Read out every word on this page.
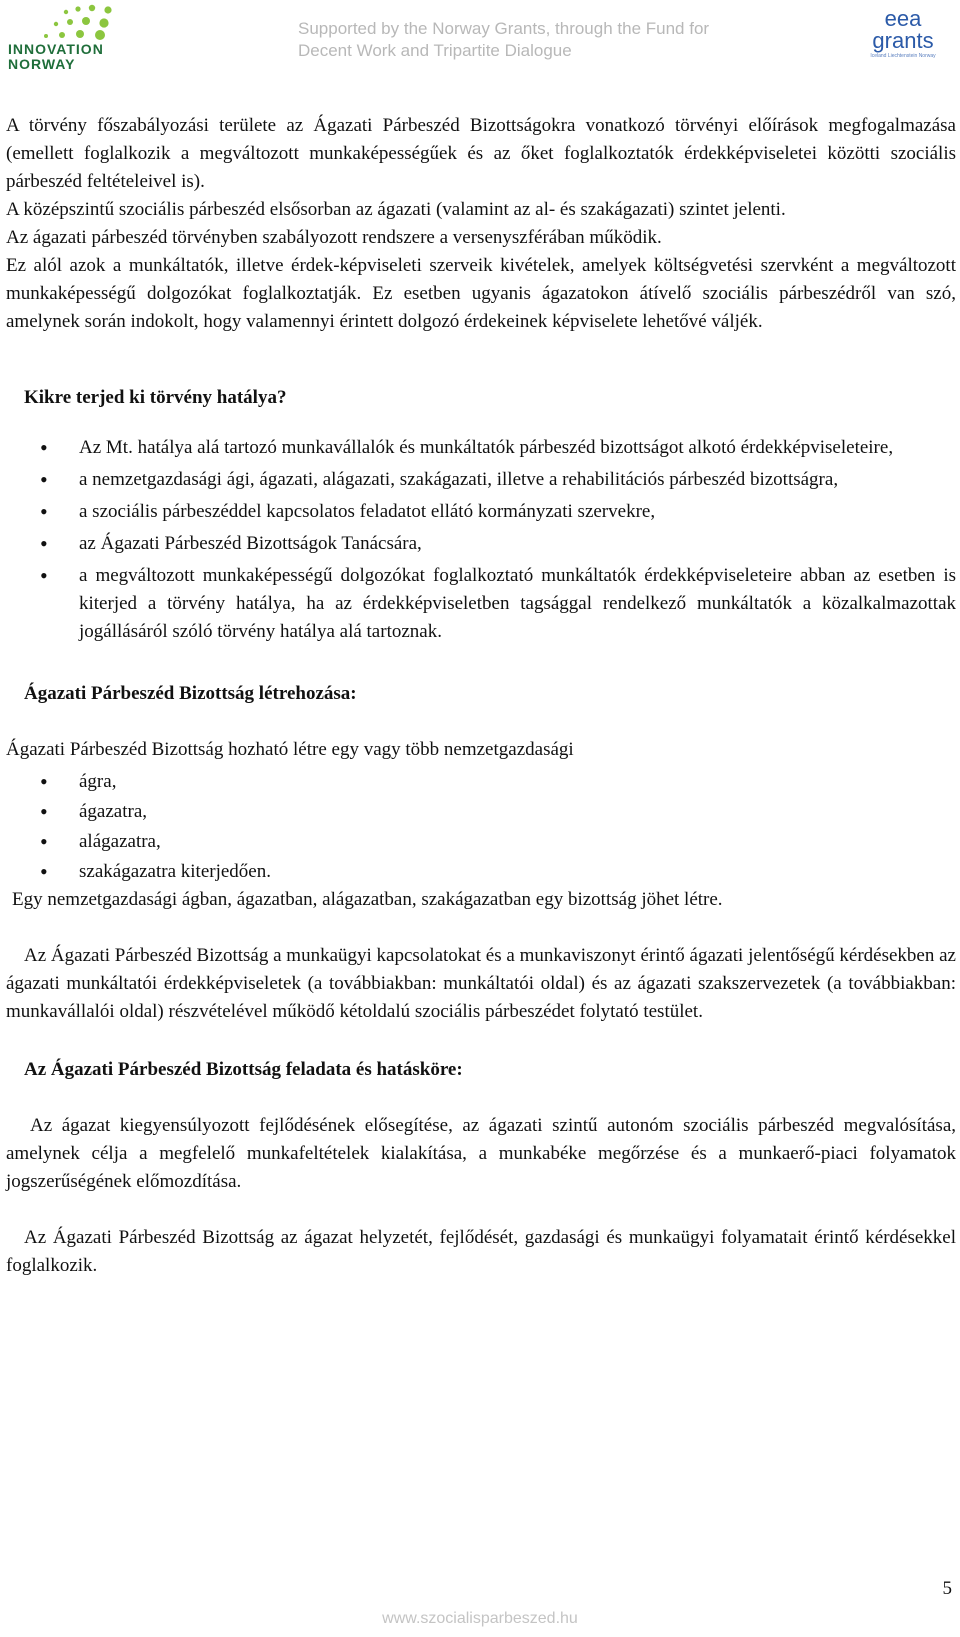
INNOVATION NORWAY
Supported by the Norway Grants, through the Fund for
Decent Work and Tripartite Dialogue
eea
grants
Iceland Liechtenstein Norway

A törvény főszabályozási területe az Ágazati Párbeszéd Bizottságokra vonatkozó törvényi előírások megfogalmazása (emellett foglalkozik a megváltozott munkaképességűek és az őket foglalkoztatók érdekképviseletei közötti szociális párbeszéd feltételeivel is).

A középszintű szociális párbeszéd elsősorban az ágazati (valamint az al- és szakágazati) szintet jelenti.

Az ágazati párbeszéd törvényben szabályozott rendszere a versenyszférában működik.

Ez alól azok a munkáltatók, illetve érdek-képviseleti szerveik kivételek, amelyek költségvetési szervként a megváltozott munkaképességű dolgozókat foglalkoztatják. Ez esetben ugyanis ágazatokon átívelő szociális párbeszédről van szó, amelynek során indokolt, hogy valamennyi érintett dolgozó érdekeinek képviselete lehetővé váljék.

Kikre terjed ki törvény hatálya?

• Az Mt. hatálya alá tartozó munkavállalók és munkáltatók párbeszéd bizottságot alkotó érdekképviseleteire,
• a nemzetgazdasági ági, ágazati, alágazati, szakágazati, illetve a rehabilitációs párbeszéd bizottságra,
• a szociális párbeszéddel kapcsolatos feladatot ellátó kormányzati szervekre,
• az Ágazati Párbeszéd Bizottságok Tanácsára,
• a megváltozott munkaképességű dolgozókat foglalkoztató munkáltatók érdekképviseleteire abban az esetben is kiterjed a törvény hatálya, ha az érdekképviseletben tagsággal rendelkező munkáltatók a közalkalmazottak jogállásáról szóló törvény hatálya alá tartoznak.

Ágazati Párbeszéd Bizottság létrehozása:

Ágazati Párbeszéd Bizottság hozható létre egy vagy több nemzetgazdasági

• ágra,
• ágazatra,
• alágazatra,
• szakágazatra kiterjedően.

Egy nemzetgazdasági ágban, ágazatban, alágazatban, szakágazatban egy bizottság jöhet létre.

Az Ágazati Párbeszéd Bizottság a munkaügyi kapcsolatokat és a munkaviszonyt érintő ágazati jelentőségű kérdésekben az ágazati munkáltatói érdekképviseletek (a továbbiakban: munkáltatói oldal) és az ágazati szakszervezetek (a továbbiakban: munkavállalói oldal) részvételével működő kétoldalú szociális párbeszédet folytató testület.

Az Ágazati Párbeszéd Bizottság feladata és hatásköre:

Az ágazat kiegyensúlyozott fejlődésének elősegítése, az ágazati szintű autonóm szociális párbeszéd megvalósítása, amelynek célja a megfelelő munkafeltételek kialakítása, a munkabéke megőrzése és a munkaerő-piaci folyamatok jogszerűségének előmozdítása.

Az Ágazati Párbeszéd Bizottság az ágazat helyzetét, fejlődését, gazdasági és munkaügyi folyamatait érintő kérdésekkel foglalkozik.

5
www.szocialisparbeszed.hu
